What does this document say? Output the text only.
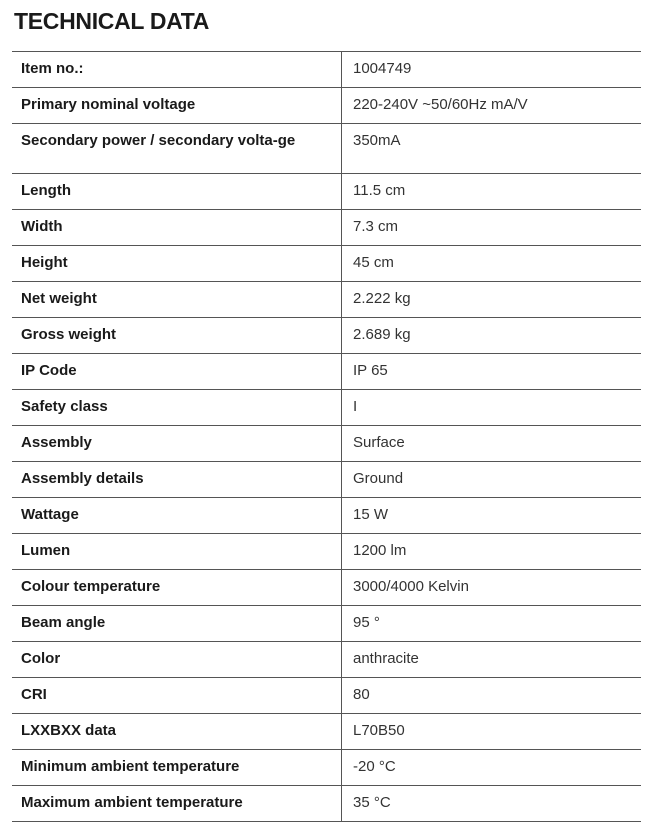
TECHNICAL DATA
Item no.:	1004749
Primary nominal voltage	220-240V ~50/60Hz mA/V
Secondary power / secondary volta-ge	350mA
Length	11.5 cm
Width	7.3 cm
Height	45 cm
Net weight	2.222 kg
Gross weight	2.689 kg
IP Code	IP 65
Safety class	I
Assembly	Surface
Assembly details	Ground
Wattage	15 W
Lumen	1200 lm
Colour temperature	3000/4000 Kelvin
Beam angle	95 °
Color	anthracite
CRI	80
LXXBXX data	L70B50
Minimum ambient temperature	-20 °C
Maximum ambient temperature	35 °C
